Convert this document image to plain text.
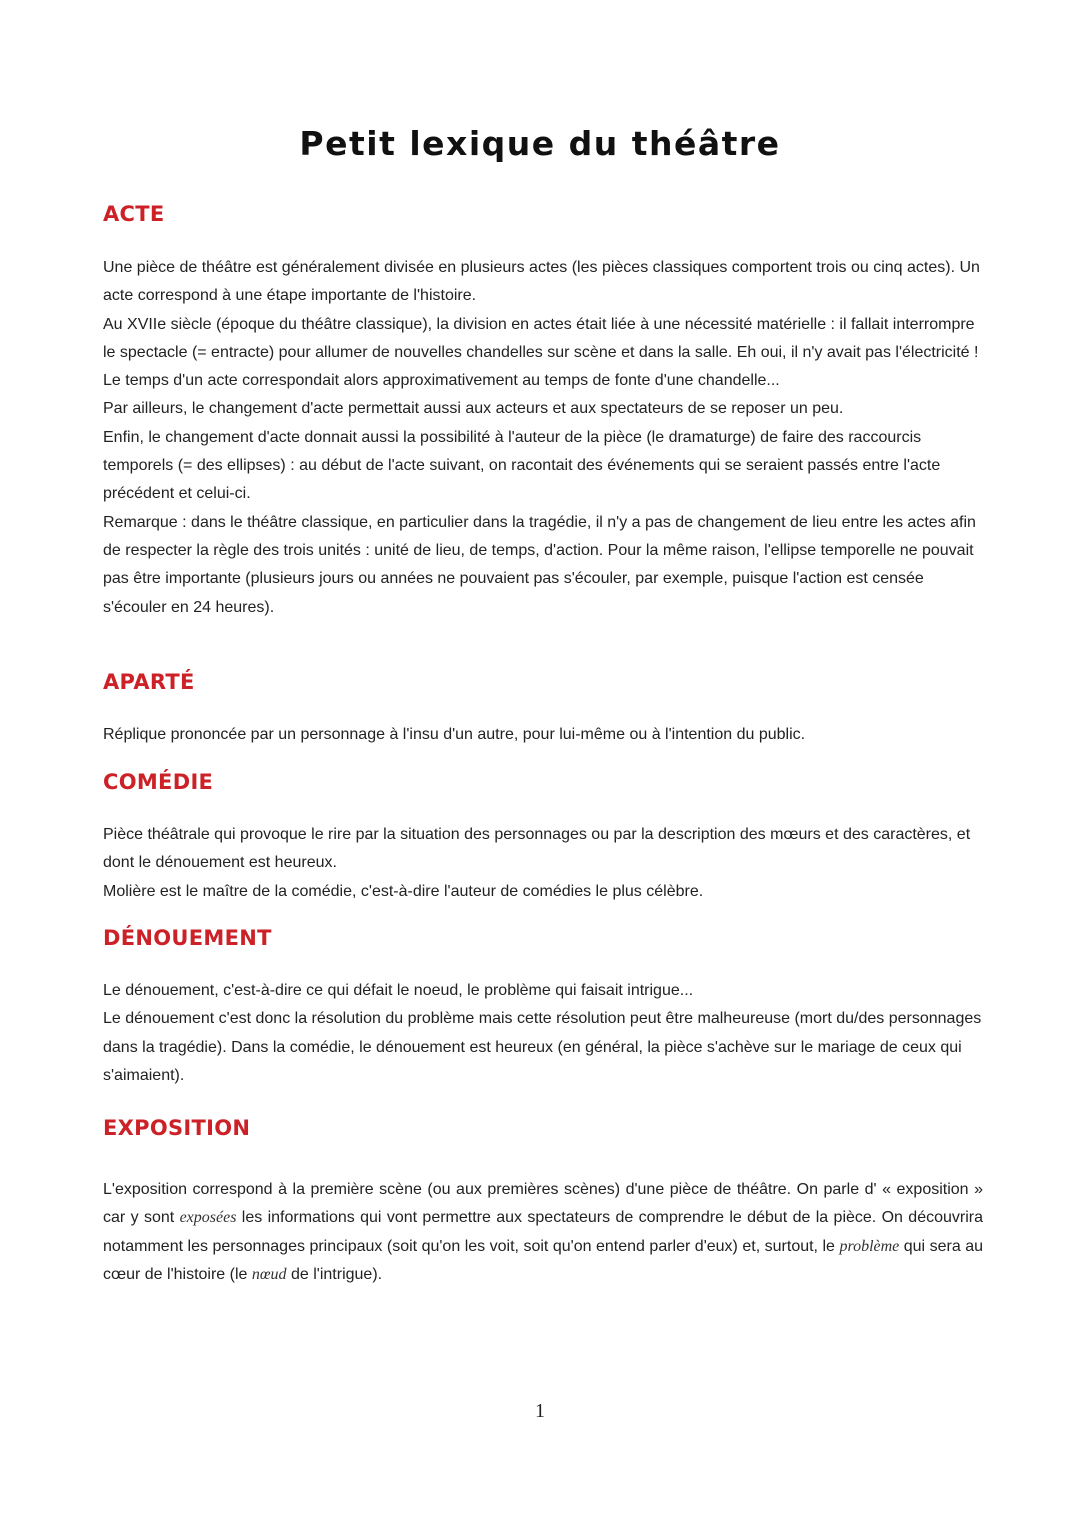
Petit lexique du théâtre
ACTE

Une pièce de théâtre est généralement divisée en plusieurs actes (les pièces classiques comportent trois ou cinq actes). Un acte correspond à une étape importante de l'histoire.

Au XVIIe siècle (époque du théâtre classique), la division en actes était liée à une nécessité matérielle : il fallait interrompre le spectacle (= entracte) pour allumer de nouvelles chandelles sur scène et dans la salle. Eh oui, il n'y avait pas l'électricité ! Le temps d'un acte correspondait alors approximativement au temps de fonte d'une chandelle...

Par ailleurs, le changement d'acte permettait aussi aux acteurs et aux spectateurs de se reposer un peu.

Enfin, le changement d'acte donnait aussi la possibilité à l'auteur de la pièce (le dramaturge) de faire des raccourcis temporels (= des ellipses) : au début de l'acte suivant, on racontait des événements qui se seraient passés entre l'acte précédent et celui-ci.

Remarque : dans le théâtre classique, en particulier dans la tragédie, il n'y a pas de changement de lieu entre les actes afin de respecter la règle des trois unités : unité de lieu, de temps, d'action. Pour la même raison, l'ellipse temporelle ne pouvait pas être importante (plusieurs jours ou années ne pouvaient pas s'écouler, par exemple, puisque l'action est censée s'écouler en 24 heures).

APARTÉ

Réplique prononcée par un personnage à l'insu d'un autre, pour lui-même ou à l'intention du public.

COMÉDIE

Pièce théâtrale qui provoque le rire par la situation des personnages ou par la description des mœurs et des caractères, et dont le dénouement est heureux.

Molière est le maître de la comédie, c'est-à-dire l'auteur de comédies le plus célèbre.

DÉNOUEMENT

Le dénouement, c'est-à-dire ce qui défait le noeud, le problème qui faisait intrigue...

Le dénouement c'est donc la résolution du problème mais cette résolution peut être malheureuse (mort du/des personnages dans la tragédie). Dans la comédie, le dénouement est heureux (en général, la pièce s'achève sur le mariage de ceux qui s'aimaient).

EXPOSITION

L'exposition correspond à la première scène (ou aux premières scènes) d'une pièce de théâtre. On parle d' « exposition » car y sont exposées les informations qui vont permettre aux spectateurs de comprendre le début de la pièce. On découvrira notamment les personnages principaux (soit qu'on les voit, soit qu'on entend parler d'eux) et, surtout, le problème qui sera au cœur de l'histoire (le nœud de l'intrigue).

1
